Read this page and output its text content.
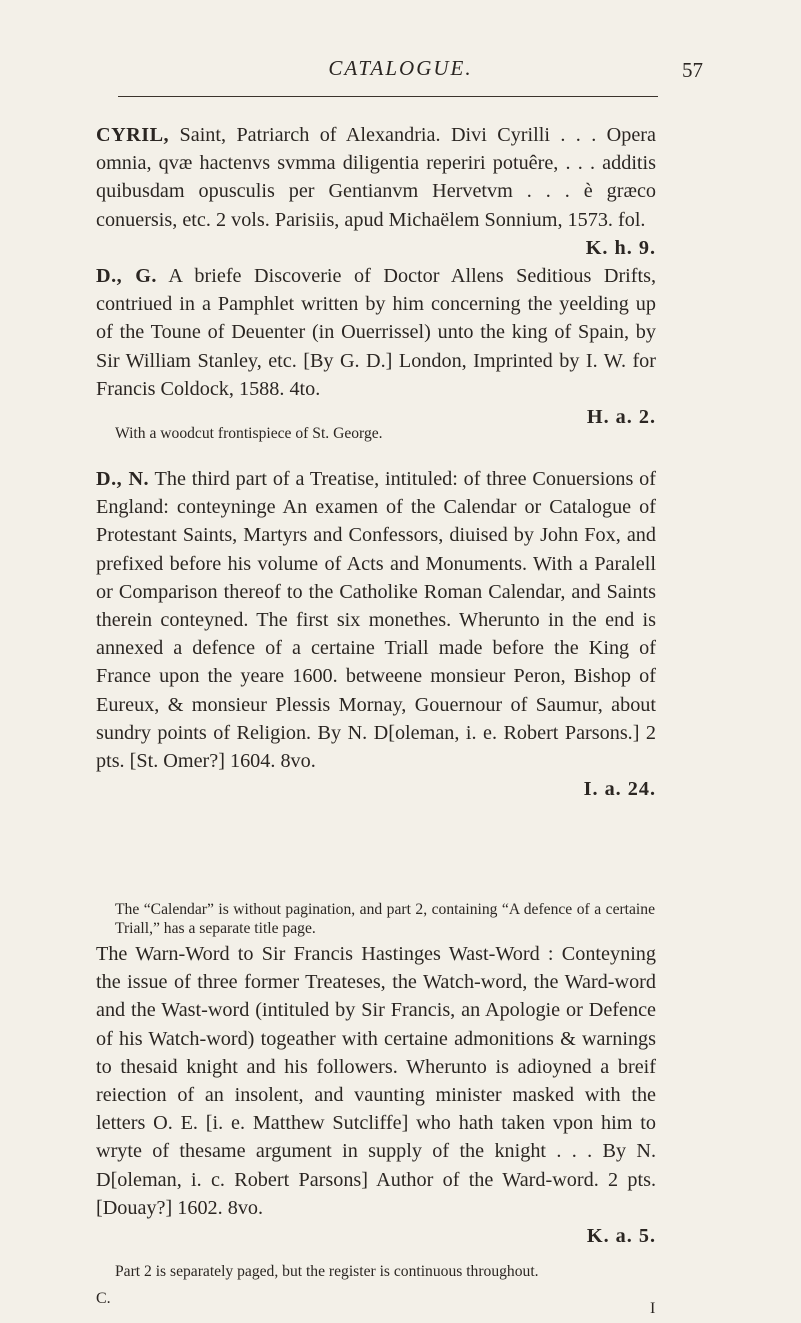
CATALOGUE.	57
CYRIL, Saint, Patriarch of Alexandria. Divi Cyrilli . . . Opera omnia, qvæ hactenvs svmma diligentia reperiri potuêre, . . . additis quibusdam opusculis per Gentianvm Hervetvm . . . è græco conuersis, etc. 2 vols. Parisiis, apud Michaëlem Sonnium, 1573. fol.
K. h. 9.
D., G. A briefe Discoverie of Doctor Allens Seditious Drifts, contriued in a Pamphlet written by him concerning the yeelding up of the Toune of Deuenter (in Ouerrissel) unto the king of Spain, by Sir William Stanley, etc. [By G. D.] London, Imprinted by I. W. for Francis Coldock, 1588. 4to.
H. a. 2.
With a woodcut frontispiece of St. George.
D., N. The third part of a Treatise, intituled: of three Conuersions of England: conteyninge An examen of the Calendar or Catalogue of Protestant Saints, Martyrs and Confessors, diuised by John Fox, and prefixed before his volume of Acts and Monuments. With a Paralell or Comparison thereof to the Catholike Roman Calendar, and Saints therein conteyned. The first six monethes. Wherunto in the end is annexed a defence of a certaine Triall made before the King of France upon the yeare 1600. betweene monsieur Peron, Bishop of Eureux, & monsieur Plessis Mornay, Gouernour of Saumur, about sundry points of Religion. By N. D[oleman, i. e. Robert Parsons.] 2 pts. [St. Omer?] 1604. 8vo.
I. a. 24.
The “Calendar” is without pagination, and part 2, containing “A defence of a certaine Triall,” has a separate title page.
The Warn-Word to Sir Francis Hastinges Wast-Word : Conteyning the issue of three former Treateses, the Watch-word, the Ward-word and the Wast-word (intituled by Sir Francis, an Apologie or Defence of his Watch-word) togeather with certaine admonitions & warnings to thesaid knight and his followers. Wherunto is adioyned a breif reiection of an insolent, and vaunting minister masked with the letters O. E. [i. e. Matthew Sutcliffe] who hath taken vpon him to wryte of thesame argument in supply of the knight . . . By N. D[oleman, i. c. Robert Parsons] Author of the Ward-word. 2 pts. [Douay?] 1602. 8vo.
K. a. 5.
Part 2 is separately paged, but the register is continuous throughout.
C.
I
